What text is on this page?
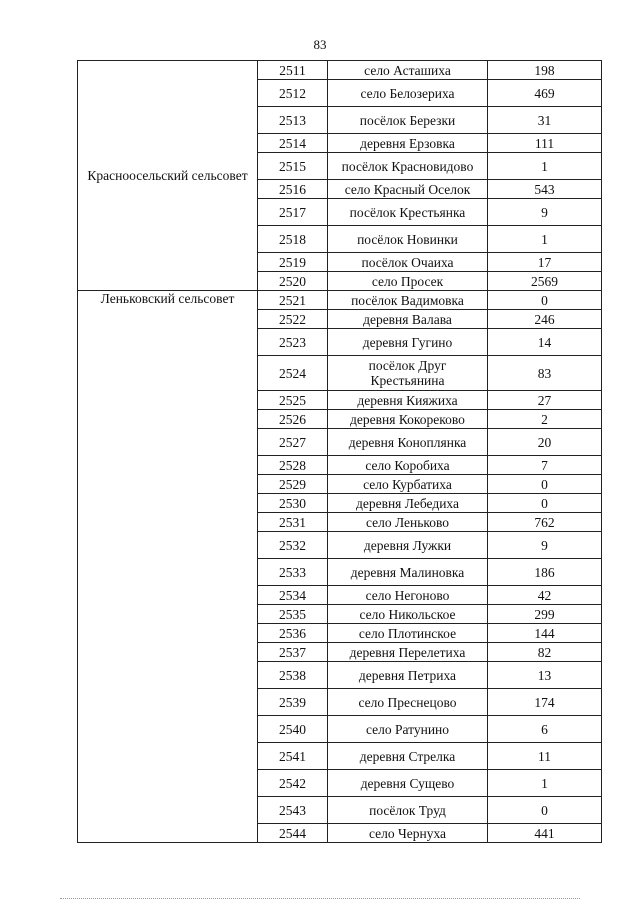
83
Красноосельский сельсовет	2511	село Асташиха	198
	2512	село Белозериха	469
	2513	посёлок Березки	31
	2514	деревня Ерзовка	111
	2515	посёлок Красновидово	1
	2516	село Красный Оселок	543
	2517	посёлок Крестьянка	9
	2518	посёлок Новинки	1
	2519	посёлок Очаиха	17
	2520	село Просек	2569
Леньковский сельсовет	2521	посёлок Вадимовка	0
	2522	деревня Валава	246
	2523	деревня Гугино	14
	2524	посёлок Друг Крестьянина	83
	2525	деревня Кияжиха	27
	2526	деревня Кокореково	2
	2527	деревня Коноплянка	20
	2528	село Коробиха	7
	2529	село Курбатиха	0
	2530	деревня Лебедиха	0
	2531	село Леньково	762
	2532	деревня Лужки	9
	2533	деревня Малиновка	186
	2534	село Негоново	42
	2535	село Никольское	299
	2536	село Плотинское	144
	2537	деревня Перелетиха	82
	2538	деревня Петриха	13
	2539	село Преснецово	174
	2540	село Ратунино	6
	2541	деревня Стрелка	11
	2542	деревня Сущево	1
	2543	посёлок Труд	0
	2544	село Чернуха	441
